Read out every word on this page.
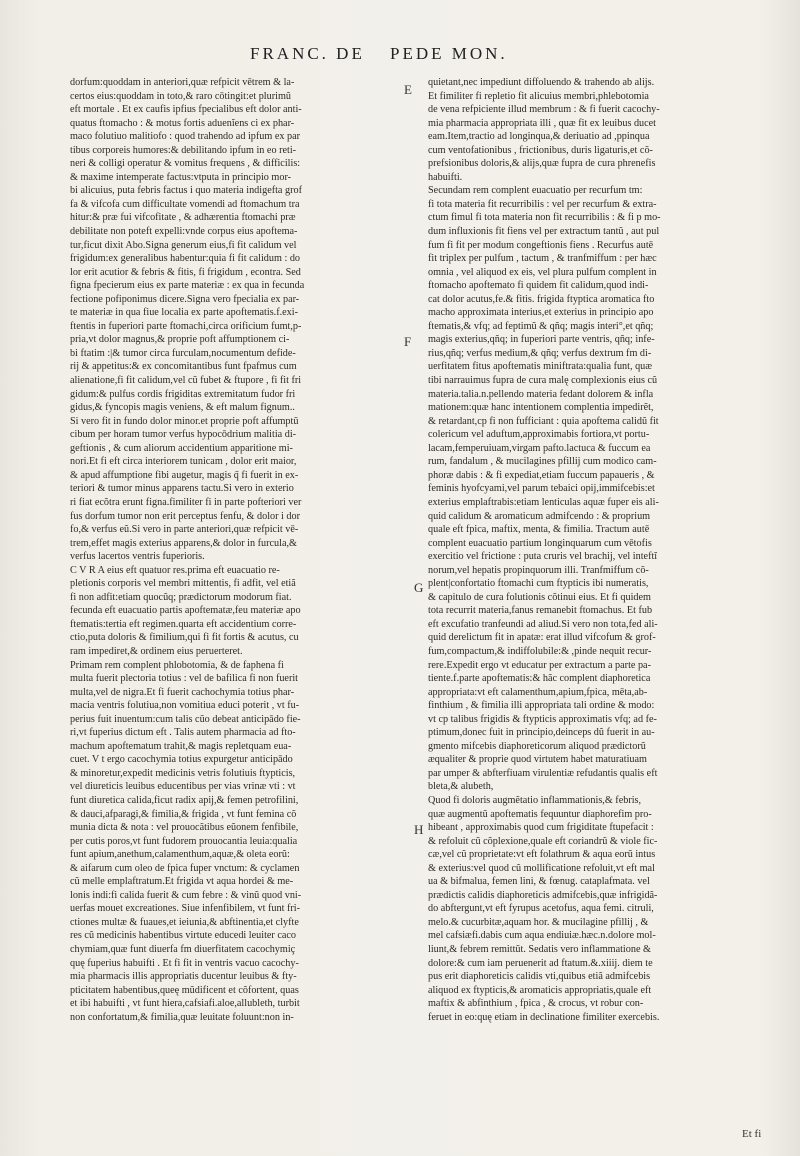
FRANC. DE PEDE MON.
E
F
G
H
dorfum:quoddam in anteriori,quæ refpicit vētrem & la-
certos eius:quoddam in toto,& raro cōtingit:et plurimũ
eft mortale . Et ex caufis ipfius fpecialibus eft dolor anti-
quatus ftomacho : & motus fortis aduenĭens ci ex phar-
maco folutiuo malitiofo : quod trahendo ad ipfum ex par
tibus corporeis humores:& debilitando ipfum in eo reti-
neri & colligi operatur & vomitus frequens , & difficilis:
& maxime intemperate factus:vtputa in principio mor-
bi alicuius, puta febris factus i quo materia indigefta grof
fa & vifcofa cum difficultate vomendi ad ftomachum tra
hitur:& præ fui vifcofitate , & adhærentia ftomachi præ
debilitate non poteft expelli:vnde corpus eius apoftema-
tur,ficut dixit Abo.Signa generum eius,fi fit calidum vel
frigidum:ex generalibus habentur:quia fi fit calidum : do
lor erit acutior & febris & fitis, fi frigidum , econtra. Sed
figna fpecierum eius ex parte materiæ : ex qua in fecunda
fectione pofiponimus dicere.Signa vero fpecialia ex par-
te materiæ in qua fiue localia ex parte apoftematis.f.exi-
ftentis in fuperiori parte ftomachi,circa orificium fumt,p-
pria,vt dolor magnus,& proprie poft affumptionem ci-
bi ftatim :|& tumor circa furculam,nocumentum defide-
rij & appetitus:& ex concomitantibus funt fpafmus cum
alienatione,fi fit calidum,vel cũ fubet & ftupore , fi fit fri
gidum:& pulfus cordis frigiditas extremitatum fudor fri
gidus,& fyncopis magis veniens, & eft malum fignum..
Si vero fit in fundo dolor minor.et proprie poft affumptũ
cibum per horam tumor verfus hypocōdrium malitia di-
geftionis , & cum aliorum accidentium apparitione mi-
nori.Et fi eft circa interiorem tunicam , dolor erit maior,
& apud affumptione fibi augetur, magis q̃ fi fuerit in ex-
teriori & tumor minus apparens tactu.Si vero in exterio
ri fiat ecõtra erunt figna.fimiliter fi in parte pofteriori ver
fus dorfum tumor non erit perceptus fenfu, & dolor i dor
fo,& verfus eũ.Si vero in parte anteriori,quæ refpicit vē-
trem,effet magis exterius apparens,& dolor in furcula,&
verfus lacertos ventris fuperioris.
C V R A eius eft quatuor res.prima eft euacuatio re-
pletionis corporis vel membri mittentis, fi adfit, vel etiã
fi non adfit:etiam quocũq; prædictorum modorum fiat.
fecunda eft euacuatio partis apoftematæ,feu materiæ apo
ftematis:tertia eft regimen.quarta eft accidentium corre-
ctio,puta doloris & fimilium,qui fi fit fortis & acutus, cu
ram impediret,& ordinem eius peruerteret.
Primam rem complent phlobotomia, & de faphena fi
multa fuerit plectoria totius : vel de bafilica fi non fuerit
multa,vel de nigra.Et fi fuerit cachochymia totius phar-
macia ventris folutiua,non vomitiua educi poterit , vt fu-
perius fuit inuentum:cum talis cũo debeat anticipādo fie-
ri,vt fuperius dictum eft . Talis autem pharmacia ad fto-
machum apoftematum trahit,& magis repletquam eua-
cuet. V t ergo cacochymia totius expurgetur anticipādo
& minoretur,expedit medicinis vetris folutiuis ftypticis,
vel diureticis leuibus educentibus per vias vrinæ vti : vt
funt diuretica calida,ficut radix apij,& femen petrofilini,
& dauci,afparagi,& fimilia,& frigida , vt funt femina cõ
munia dicta & nota : vel prouocãtibus eũonem fenfibile,
per cutis poros,vt funt fudorem prouocantia leuia:qualia
funt apium,anethum,calamenthum,aquæ,& oleta eorũ:
& aifarum cum oleo de fpica fuper vnctum: & cyclamen
cũ melle emplaftratum.Et frigida vt aqua hordei & me-
lonis indi:fi calida fuerit & cum febre : & vinũ quod vni-
uerfas mouet excreationes. Siue infenfibilem, vt funt fri-
ctiones multæ & fuaues,et ieiunia,& abftinentia,et clyfte
res cũ medicinis habentibus virtute educedi leuiter caco
chymiam,quæ funt diuerfa fm diuerfitatem cacochymiç
quę fuperius habuifti . Et fi fit in ventris vacuo cacochy-
mia pharmacis illis appropriatis ducentur leuibus & fty-
pticitatem habentibus,queę mũdificent et cõfortent, quas
et ibi habuifti , vt funt hiera,cafsiafi.aloe,allubleth, turbit
non confortatum,& fimilia,quæ leuitate foluunt:non in-
quietant,nec impediunt diffoluendo & trahendo ab alijs.
Et fimiliter fi repletio fit alicuius membri,phlebotomia
de vena refpiciente illud membrum : & fi fuerit cacochy-
mia pharmacia appropriata illi , quæ fit ex leuibus ducet
eam.Item,tractio ad longinqua,& deriuatio ad ,ppinqua
cum ventofationibus , frictionibus, duris ligaturis,et cõ-
prefsionibus doloris,& alijs,quæ fupra de cura phrenefis
habuifti.
Secundam rem complent euacuatio per recurfum tm:
fi tota materia fit recurribilis : vel per recurfum & extra-
ctum fimul fi tota materia non fit recurribilis : & fi p mo-
dum influxionis fit fiens vel per extractum tantũ , aut pul
fum fi fit per modum congeftionis fiens . Recurfus autē
fit triplex per pulfum , tactum , & tranfmiffum : per hæc
omnia , vel aliquod ex eis, vel plura pulfum complent in
ftomacho apoftemato fi quidem fit calidum,quod indi-
cat dolor acutus,fe.& fitis. frigida ftyptica aromatica fto
macho approximata interius,et exterius in principio apo
ftematis,& vfq; ad feptimũ & qñq; magis interi°,et qñq;
magis exterius,qñq; in fuperiori parte ventris, qñq; infe-
rius,qñq; verfus medium,& qñq; verfus dextrum fm di-
uerfitatem fitus apoftematis miniftrata:qualia funt, quæ
tibi narrauimus fupra de cura malę complexionis eius cũ
materia.talia.n.pellendo materia fedant dolorem & infla
mationem:quæ hanc intentionem complentia impedirẽt,
& retardant,cp fi non fufficiant : quia apoftema calidũ fit
colericum vel aduftum,approximabis fortiora,vt portu-
lacam,femperuiuam,virgam pafto.lactuca & fuccum ea
rum, fandalum , & mucilagines pfillij cum modico cam-
phoræ dabis : & fi expediat,etiam fuccum papaueris , &
feminis hyofcyami,vel parum tebaici opij,immifcebis:et
exterius emplaftrabis:etiam lenticulas aquæ fuper eis ali-
quid calidum & aromaticum admifcendo : & proprium
quale eft fpica, maftix, menta, & fimilia. Tractum autē
complent euacuatio partium longinquarum cum vētofis
exercitio vel frictione : puta cruris vel brachij, vel inteftĭ
norum,vel hepatis propinquorum illi. Tranfmiffum cõ-
plent|confortatio ftomachi cum ftypticis ibi numeratis,
& capitulo de cura folutionis cõtinui eius. Et fi quidem
tota recurrit materia,fanus remanebit ftomachus. Et fub
eft excufatio tranfeundi ad aliud.Si vero non tota,fed ali-
quid derelictum fit in apatæ: erat illud vifcofum & grof-
fum,compactum,& indiffolubile:& ,pinde nequit recur-
rere.Expedit ergo vt educatur per extractum a parte pa-
tiente.f.parte apoftematis:& hãc complent diaphoretica
appropriata:vt eft calamenthum,apium,fpica, mēta,ab-
finthium , & fimilia illi appropriata tali ordine & modo:
vt cp talibus frigidis & ftypticis approximatis vfq; ad fe-
ptimum,donec fuit in principio,deinceps dũ fuerit in au-
gmento mifcebis diaphoreticorum aliquod prædictorũ
æqualiter & proprie quod virtutem habet maturatiuam
par umper & abfterfiuam virulentiæ refudantis qualis eft
bleta,& alubeth,
Quod fi doloris augmẽtatio inflammationis,& febris,
quæ augmentũ apoftematis fequuntur diaphorefim pro-
hibeant , approximabis quod cum frigiditate ftupefacit :
& refoluit cũ cõplexione,quale eft coriandrũ & viole fic-
cæ,vel cũ proprietate:vt eft folathrum & aqua eorũ intus
& exterius:vel quod cũ mollificatione refoluit,vt eft mal
ua & bifmalua, femen lini, & fœnug. cataplafmata. vel
prædictis calidis diaphoreticis admifcebis,quæ infrigidã-
do abftergunt,vt eft fyrupus acetofus, aqua femi. citruli,
melo.& cucurbitæ,aquam hor. & mucilagine pfillij , &
mel cafsiæfi.dabis cum aqua endiuiæ.hæc.n.dolore mol-
liunt,& febrem remittũt. Sedatis vero inflammatione &
dolore:& cum iam peruenerit ad ftatum.&.xiiij. diem te
pus erit diaphoreticis calidis vti,quibus etiã admifcebis
aliquod ex ftypticis,& aromaticis appropriatis,quale eft
maftix & abfinthium , fpica , & crocus, vt robur con-
feruet in eo:quę etiam in declinatione fimiliter exercebis.
Et fi
